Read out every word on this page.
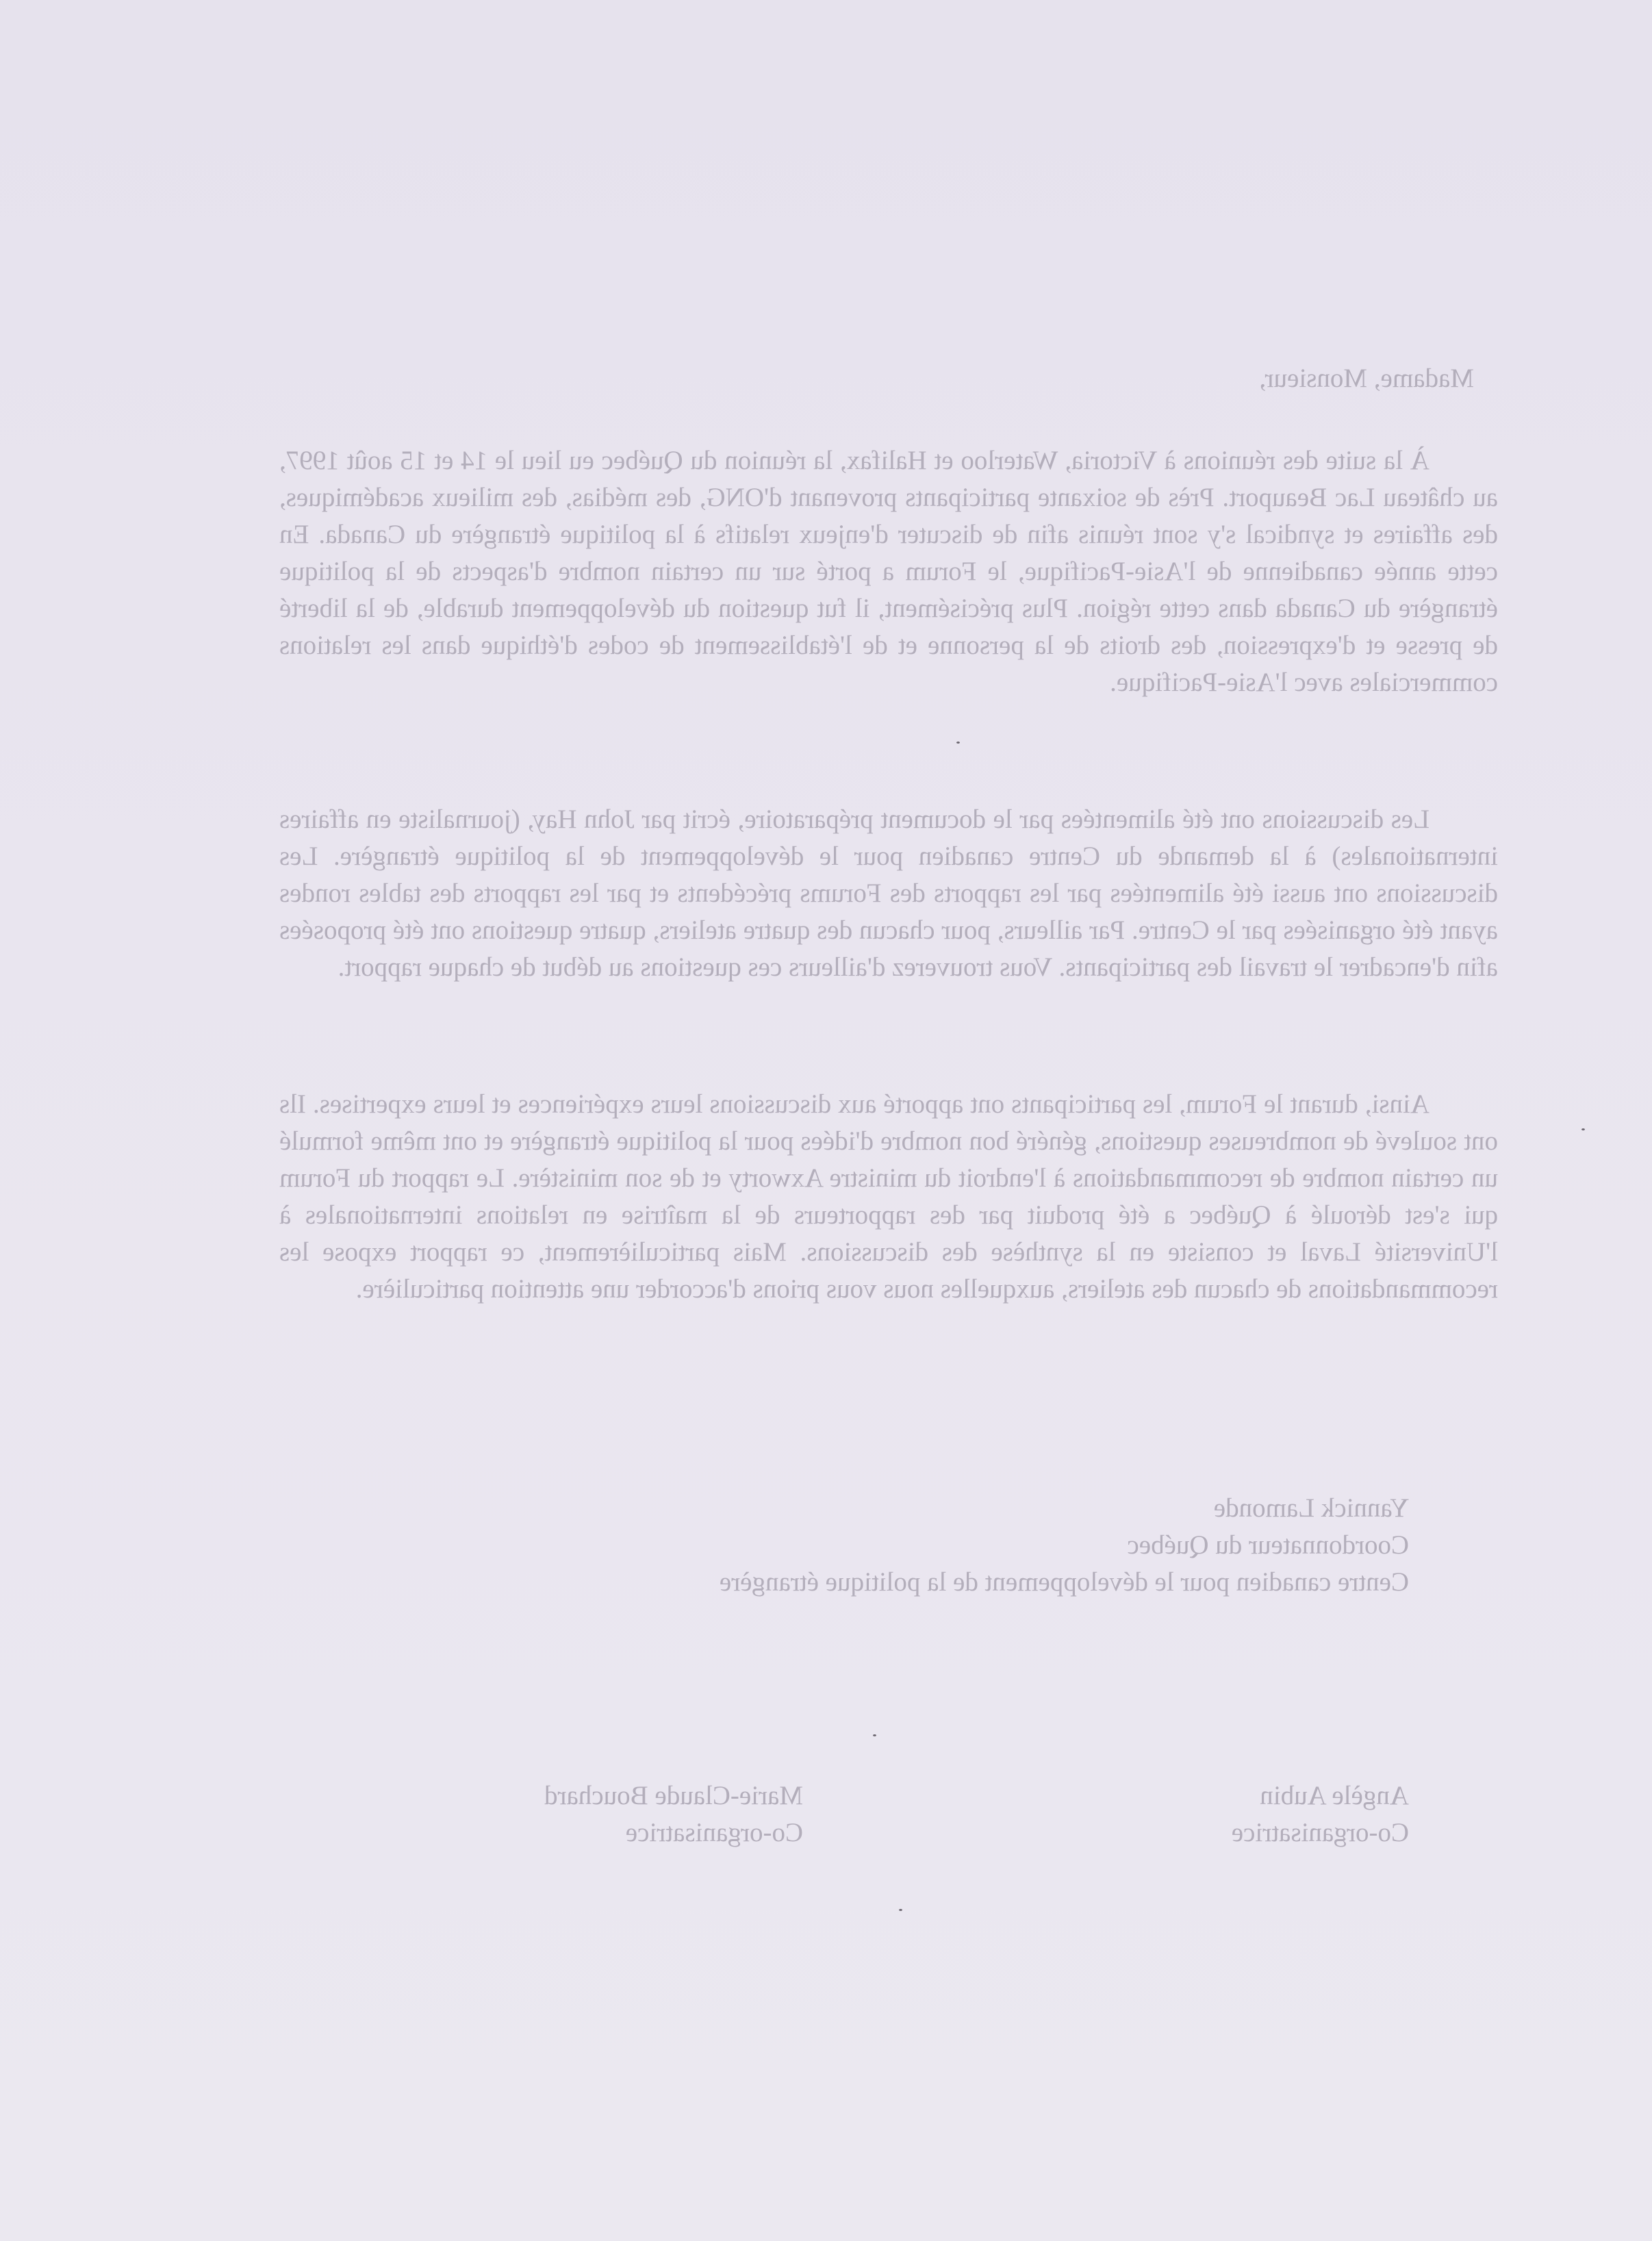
Madame, Monsieur,

À la suite des réunions à Victoria, Waterloo et Halifax, la réunion du Québec eu lieu le 14 et 15 août 1997, au château Lac Beauport. Près de soixante participants provenant d'ONG, des médias, des milieux académiques, des affaires et syndical s'y sont réunis afin de discuter d'enjeux relatifs à la politique étrangère du Canada. En cette année canadienne de l'Asie-Pacifique, le Forum a porté sur un certain nombre d'aspects de la politique étrangère du Canada dans cette région. Plus précisément, il fut question du développement durable, de la liberté de presse et d'expression, des droits de la personne et de l'établissement de codes d'éthique dans les relations commerciales avec l'Asie-Pacifique.

Les discussions ont été alimentées par le document préparatoire, écrit par John Hay, (journaliste en affaires internationales) à la demande du Centre canadien pour le développement de la politique étrangère. Les discussions ont aussi été alimentées par les rapports des Forums précédents et par les rapports des tables rondes ayant été organisées par le Centre. Par ailleurs, pour chacun des quatre ateliers, quatre questions ont été proposées afin d'encadrer le travail des participants. Vous trouverez d'ailleurs ces questions au début de chaque rapport.

Ainsi, durant le Forum, les participants ont apporté aux discussions leurs expériences et leurs expertises. Ils ont soulevé de nombreuses questions, généré bon nombre d'idées pour la politique étrangère et ont même formulé un certain nombre de recommandations à l'endroit du ministre Axworty et de son ministère. Le rapport du Forum qui s'est déroulé à Québec a été produit par des rapporteurs de la maîtrise en relations internationales à l'Université Laval et consiste en la synthèse des discussions. Mais particulièrement, ce rapport expose les recommandations de chacun des ateliers, auxquelles nous vous prions d'accorder une attention particulière.

Yannick Lamonde
Coordonnateur du Québec
Centre canadien pour le développement de la politique étrangère
Angèle Aubin
Co-organisatrice
Marie-Claude Bouchard
Co-organisatrice
